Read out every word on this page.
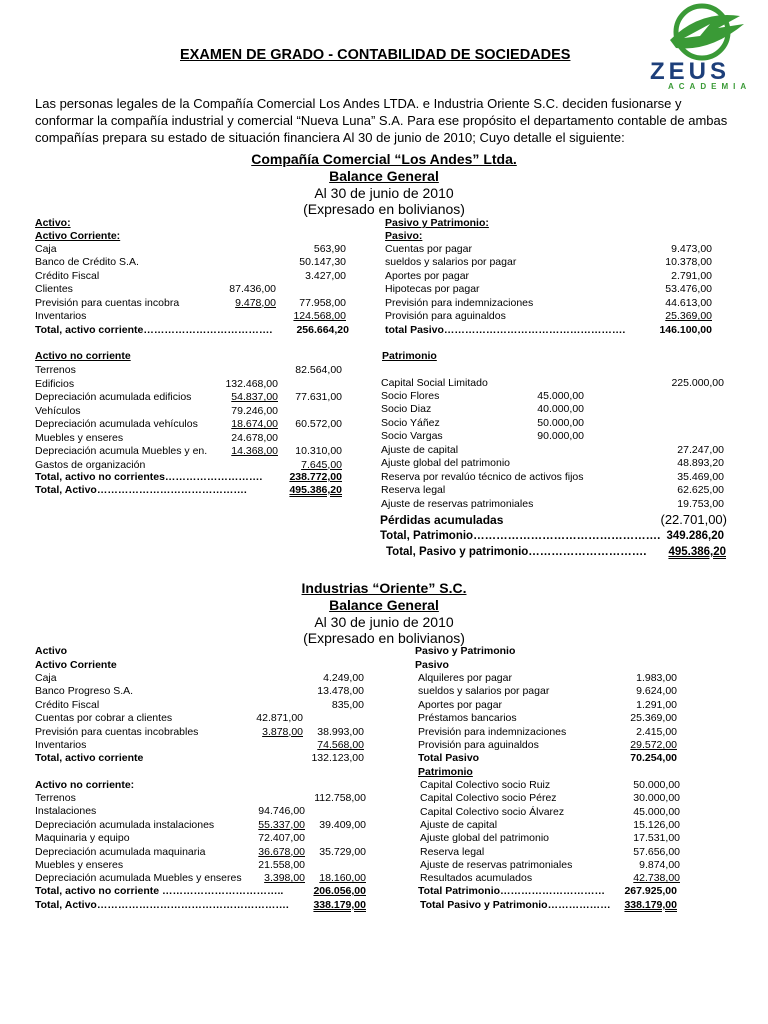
ZEUS
ACADEMIA
EXAMEN DE GRADO - CONTABILIDAD DE SOCIEDADES
Las personas legales de la Compañía Comercial Los Andes LTDA. e Industria Oriente S.C. deciden fusionarse y conformar la compañía industrial y comercial “Nueva Luna” S.A. Para ese propósito el departamento contable de ambas compañías prepara su estado de situación financiera Al 30 de junio de 2010; Cuyo detalle el siguiente:
Compañía Comercial “Los Andes” Ltda.
Balance General
Al 30 de junio de 2010
(Expresado en bolivianos)
Activo:
Activo Corriente:
Caja	563,90
Banco de Crédito S.A.	50.147,30
Crédito Fiscal	3.427,00
Clientes	87.436,00
Previsión para cuentas incobra	9.478,00	77.958,00
Inventarios	124.568,00
Total, activo corriente……………………………….	256.664,20
Activo no corriente
Terrenos	82.564,00
Edificios	132.468,00
Depreciación acumulada edificios	54.837,00	77.631,00
Vehículos	79.246,00
Depreciación acumulada vehículos	18.674,00	60.572,00
Muebles y enseres	24.678,00
Depreciación acumula Muebles y en.	14.368,00	10.310,00
Gastos de organización	7.645,00
Total, activo no corrientes……………………….	238.772,00
Total, Activo…………………………………….	495.386,20
Pasivo y Patrimonio:
Pasivo:
Cuentas por pagar	9.473,00
sueldos y salarios por pagar	10.378,00
Aportes por pagar	2.791,00
Hipotecas por pagar	53.476,00
Previsión para indemnizaciones	44.613,00
Provisión para aguinaldos	25.369,00
total Pasivo…………………………………………….	146.100,00
Patrimonio
Capital Social Limitado	225.000,00
Socio Flores	45.000,00
Socio Diaz	40.000,00
Socio Yáñez	50.000,00
Socio Vargas	90.000,00
Ajuste de capital	27.247,00
Ajuste global del patrimonio	48.893,20
Reserva por revalúo técnico de activos fijos	35.469,00
Reserva legal	62.625,00
Ajuste de reservas patrimoniales	19.753,00
Pérdidas acumuladas	(22.701,00)
Total, Patrimonio…………………………………………. 349.286,20
Total, Pasivo y patrimonio………………………….	495.386,20
Industrias “Oriente” S.C.
Balance General
Al 30 de junio de 2010
(Expresado en bolivianos)
Activo
Activo Corriente
Caja	4.249,00
Banco Progreso S.A.	13.478,00
Crédito Fiscal	835,00
Cuentas por cobrar a clientes	42.871,00
Previsión para cuentas incobrables	3.878,00	38.993,00
Inventarios	74.568,00
Total, activo corriente	132.123,00
Activo no corriente:
Terrenos	112.758,00
Instalaciones	94.746,00
Depreciación acumulada instalaciones	55.337,00	39.409,00
Maquinaria y equipo	72.407,00
Depreciación acumulada maquinaria	36.678,00	35.729,00
Muebles y enseres	21.558,00
Depreciación acumulada Muebles y enseres	3.398,00	18.160,00
Total, activo no corriente ……………………………..	206.056,00
Total, Activo……………………………………………….	338.179,00
Pasivo y Patrimonio
Pasivo
Alquileres por pagar	1.983,00
sueldos y salarios por pagar	9.624,00
Aportes por pagar	1.291,00
Préstamos bancarios	25.369,00
Previsión para indemnizaciones	2.415,00
Provisión para aguinaldos	29.572,00
Total Pasivo	70.254,00
Patrimonio
Capital Colectivo socio Ruiz	50.000,00
Capital Colectivo socio Pérez	30.000,00
Capital Colectivo socio Álvarez	45.000,00
Ajuste de capital	15.126,00
Ajuste global del patrimonio	17.531,00
Reserva legal	57.656,00
Ajuste de reservas patrimoniales	9.874,00
Resultados acumulados	42.738,00
Total Patrimonio…………………………	267.925,00
Total Pasivo y Patrimonio………………	338.179,00
